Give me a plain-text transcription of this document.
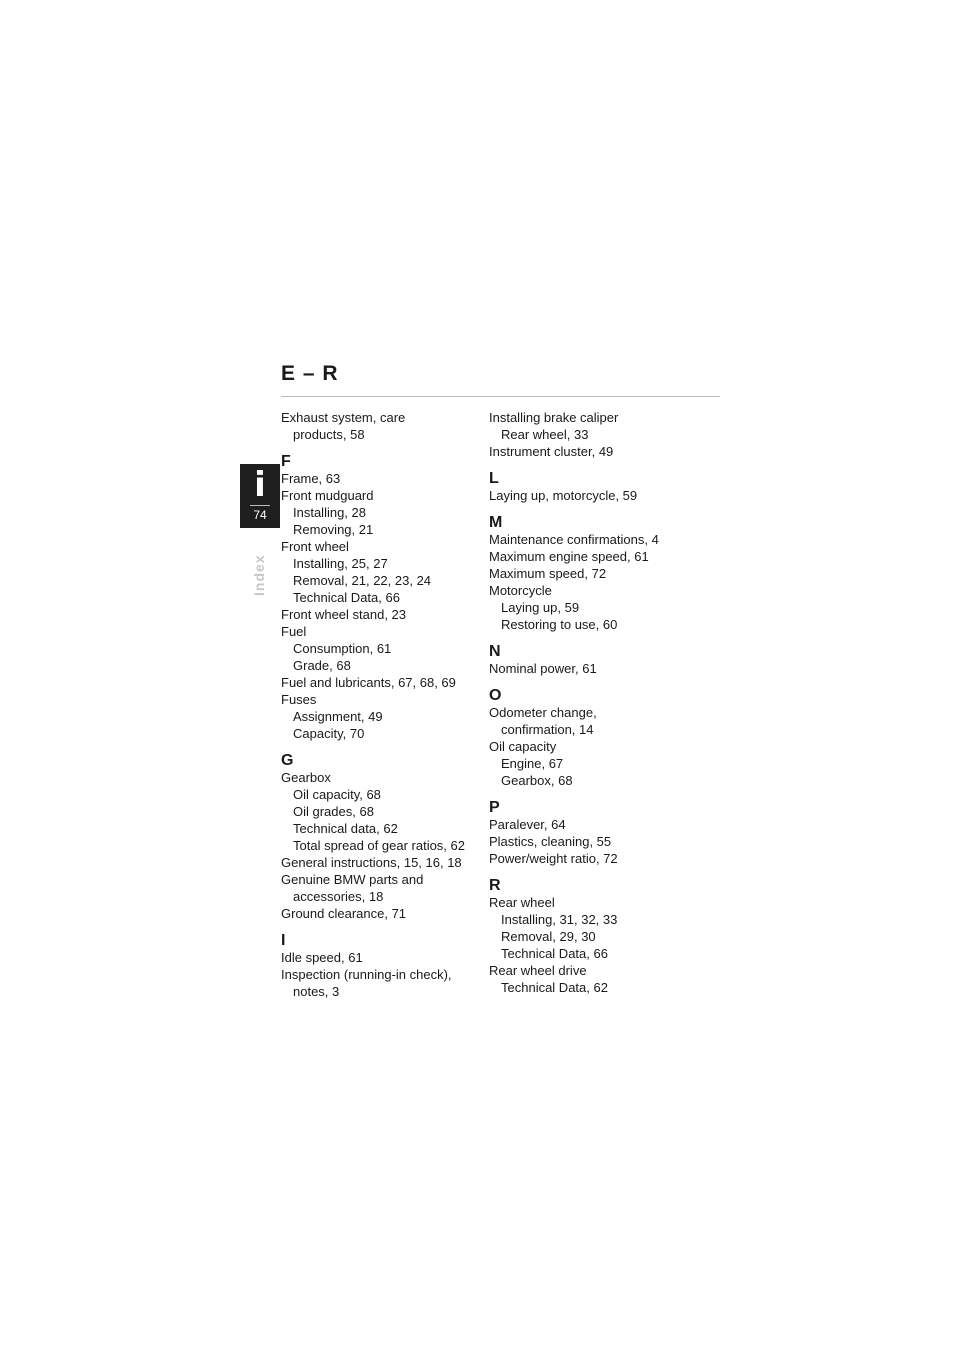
E – R
i
74
Index
Exhaust system, care
products, 58
F
Frame, 63
Front mudguard
Installing, 28
Removing, 21
Front wheel
Installing, 25, 27
Removal, 21, 22, 23, 24
Technical Data, 66
Front wheel stand, 23
Fuel
Consumption, 61
Grade, 68
Fuel and lubricants, 67, 68, 69
Fuses
Assignment, 49
Capacity, 70
G
Gearbox
Oil capacity, 68
Oil grades, 68
Technical data, 62
Total spread of gear ratios, 62
General instructions, 15, 16, 18
Genuine BMW parts and
accessories, 18
Ground clearance, 71
I
Idle speed, 61
Inspection (running-in check),
notes, 3
Installing brake caliper
Rear wheel, 33
Instrument cluster, 49
L
Laying up, motorcycle, 59
M
Maintenance confirmations, 4
Maximum engine speed, 61
Maximum speed, 72
Motorcycle
Laying up, 59
Restoring to use, 60
N
Nominal power, 61
O
Odometer change,
confirmation, 14
Oil capacity
Engine, 67
Gearbox, 68
P
Paralever, 64
Plastics, cleaning, 55
Power/weight ratio, 72
R
Rear wheel
Installing, 31, 32, 33
Removal, 29, 30
Technical Data, 66
Rear wheel drive
Technical Data, 62
